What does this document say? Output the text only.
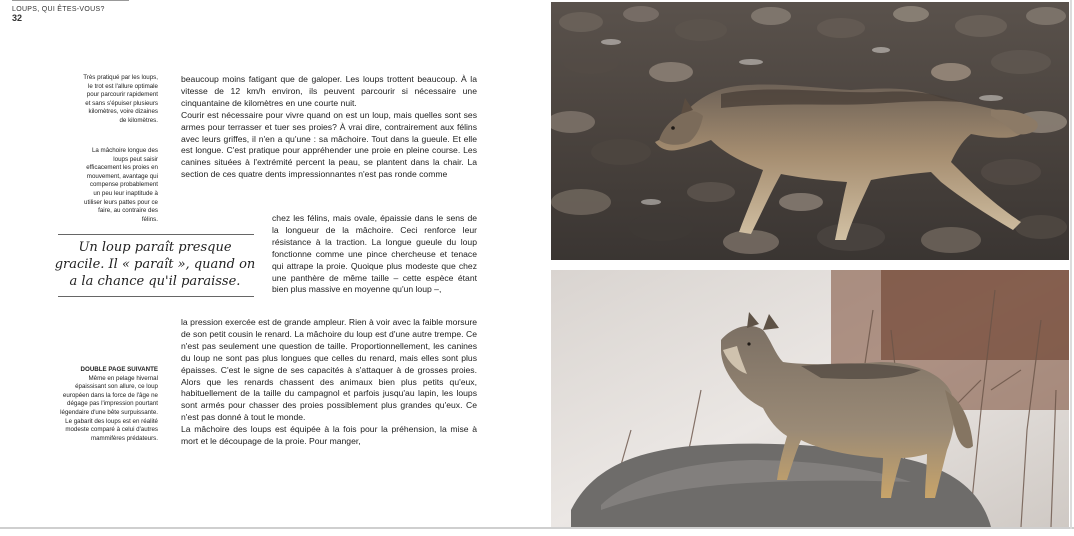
LOUPS, QUI ÊTES-VOUS?
32
Très pratiqué par les loups, le trot est l'allure optimale pour parcourir rapidement et sans s'épuiser plusieurs kilomètres, voire dizaines de kilomètres.
La mâchoire longue des loups peut saisir efficacement les proies en mouvement, avantage qui compense probablement un peu leur inaptitude à utiliser leurs pattes pour ce faire, au contraire des félins.
DOUBLE PAGE SUIVANTE
Même en pelage hivernal épaissisant son allure, ce loup européen dans la force de l'âge ne dégage pas l'impression pourtant légendaire d'une bête surpuissante. Le gabarit des loups est en réalité modeste comparé à celui d'autres mammifères prédateurs.
Un loup paraît presque gracile. Il « paraît », quand on a la chance qu'il paraisse.

beaucoup moins fatigant que de galoper. Les loups trottent beaucoup. À la vitesse de 12 km/h environ, ils peuvent parcourir si nécessaire une cinquantaine de kilomètres en une courte nuit.

Courir est nécessaire pour vivre quand on est un loup, mais quelles sont ses armes pour terrasser et tuer ses proies? À vrai dire, contrairement aux félins avec leurs griffes, il n'en a qu'une : sa mâchoire. Tout dans la gueule. Et elle est longue. C'est pratique pour appréhender une proie en pleine course. Les canines situées à l'extrémité percent la peau, se plantent dans la chair. La section de ces quatre dents impressionnantes n'est pas ronde comme

chez les félins, mais ovale, épaissie dans le sens de la longueur de la mâchoire. Ceci renforce leur résistance à la traction. La longue gueule du loup fonctionne comme une pince chercheuse et tenace qui attrape la proie. Quoique plus modeste que chez une panthère de même taille – cette espèce étant bien plus massive en moyenne qu'un loup –,

la pression exercée est de grande ampleur. Rien à voir avec la faible morsure de son petit cousin le renard. La mâchoire du loup est d'une autre trempe. Ce n'est pas seulement une question de taille. Proportionnellement, les canines du loup ne sont pas plus longues que celles du renard, mais elles sont plus épaisses. C'est le signe de ses capacités à s'attaquer à de grosses proies. Alors que les renards chassent des animaux bien plus petits qu'eux, habituellement de la taille du campagnol et parfois jusqu'au lapin, les loups sont armés pour chasser des proies possiblement plus grandes qu'eux. Ce n'est pas donné à tout le monde.

La mâchoire des loups est équipée à la fois pour la préhension, la mise à mort et le découpage de la proie. Pour manger,
